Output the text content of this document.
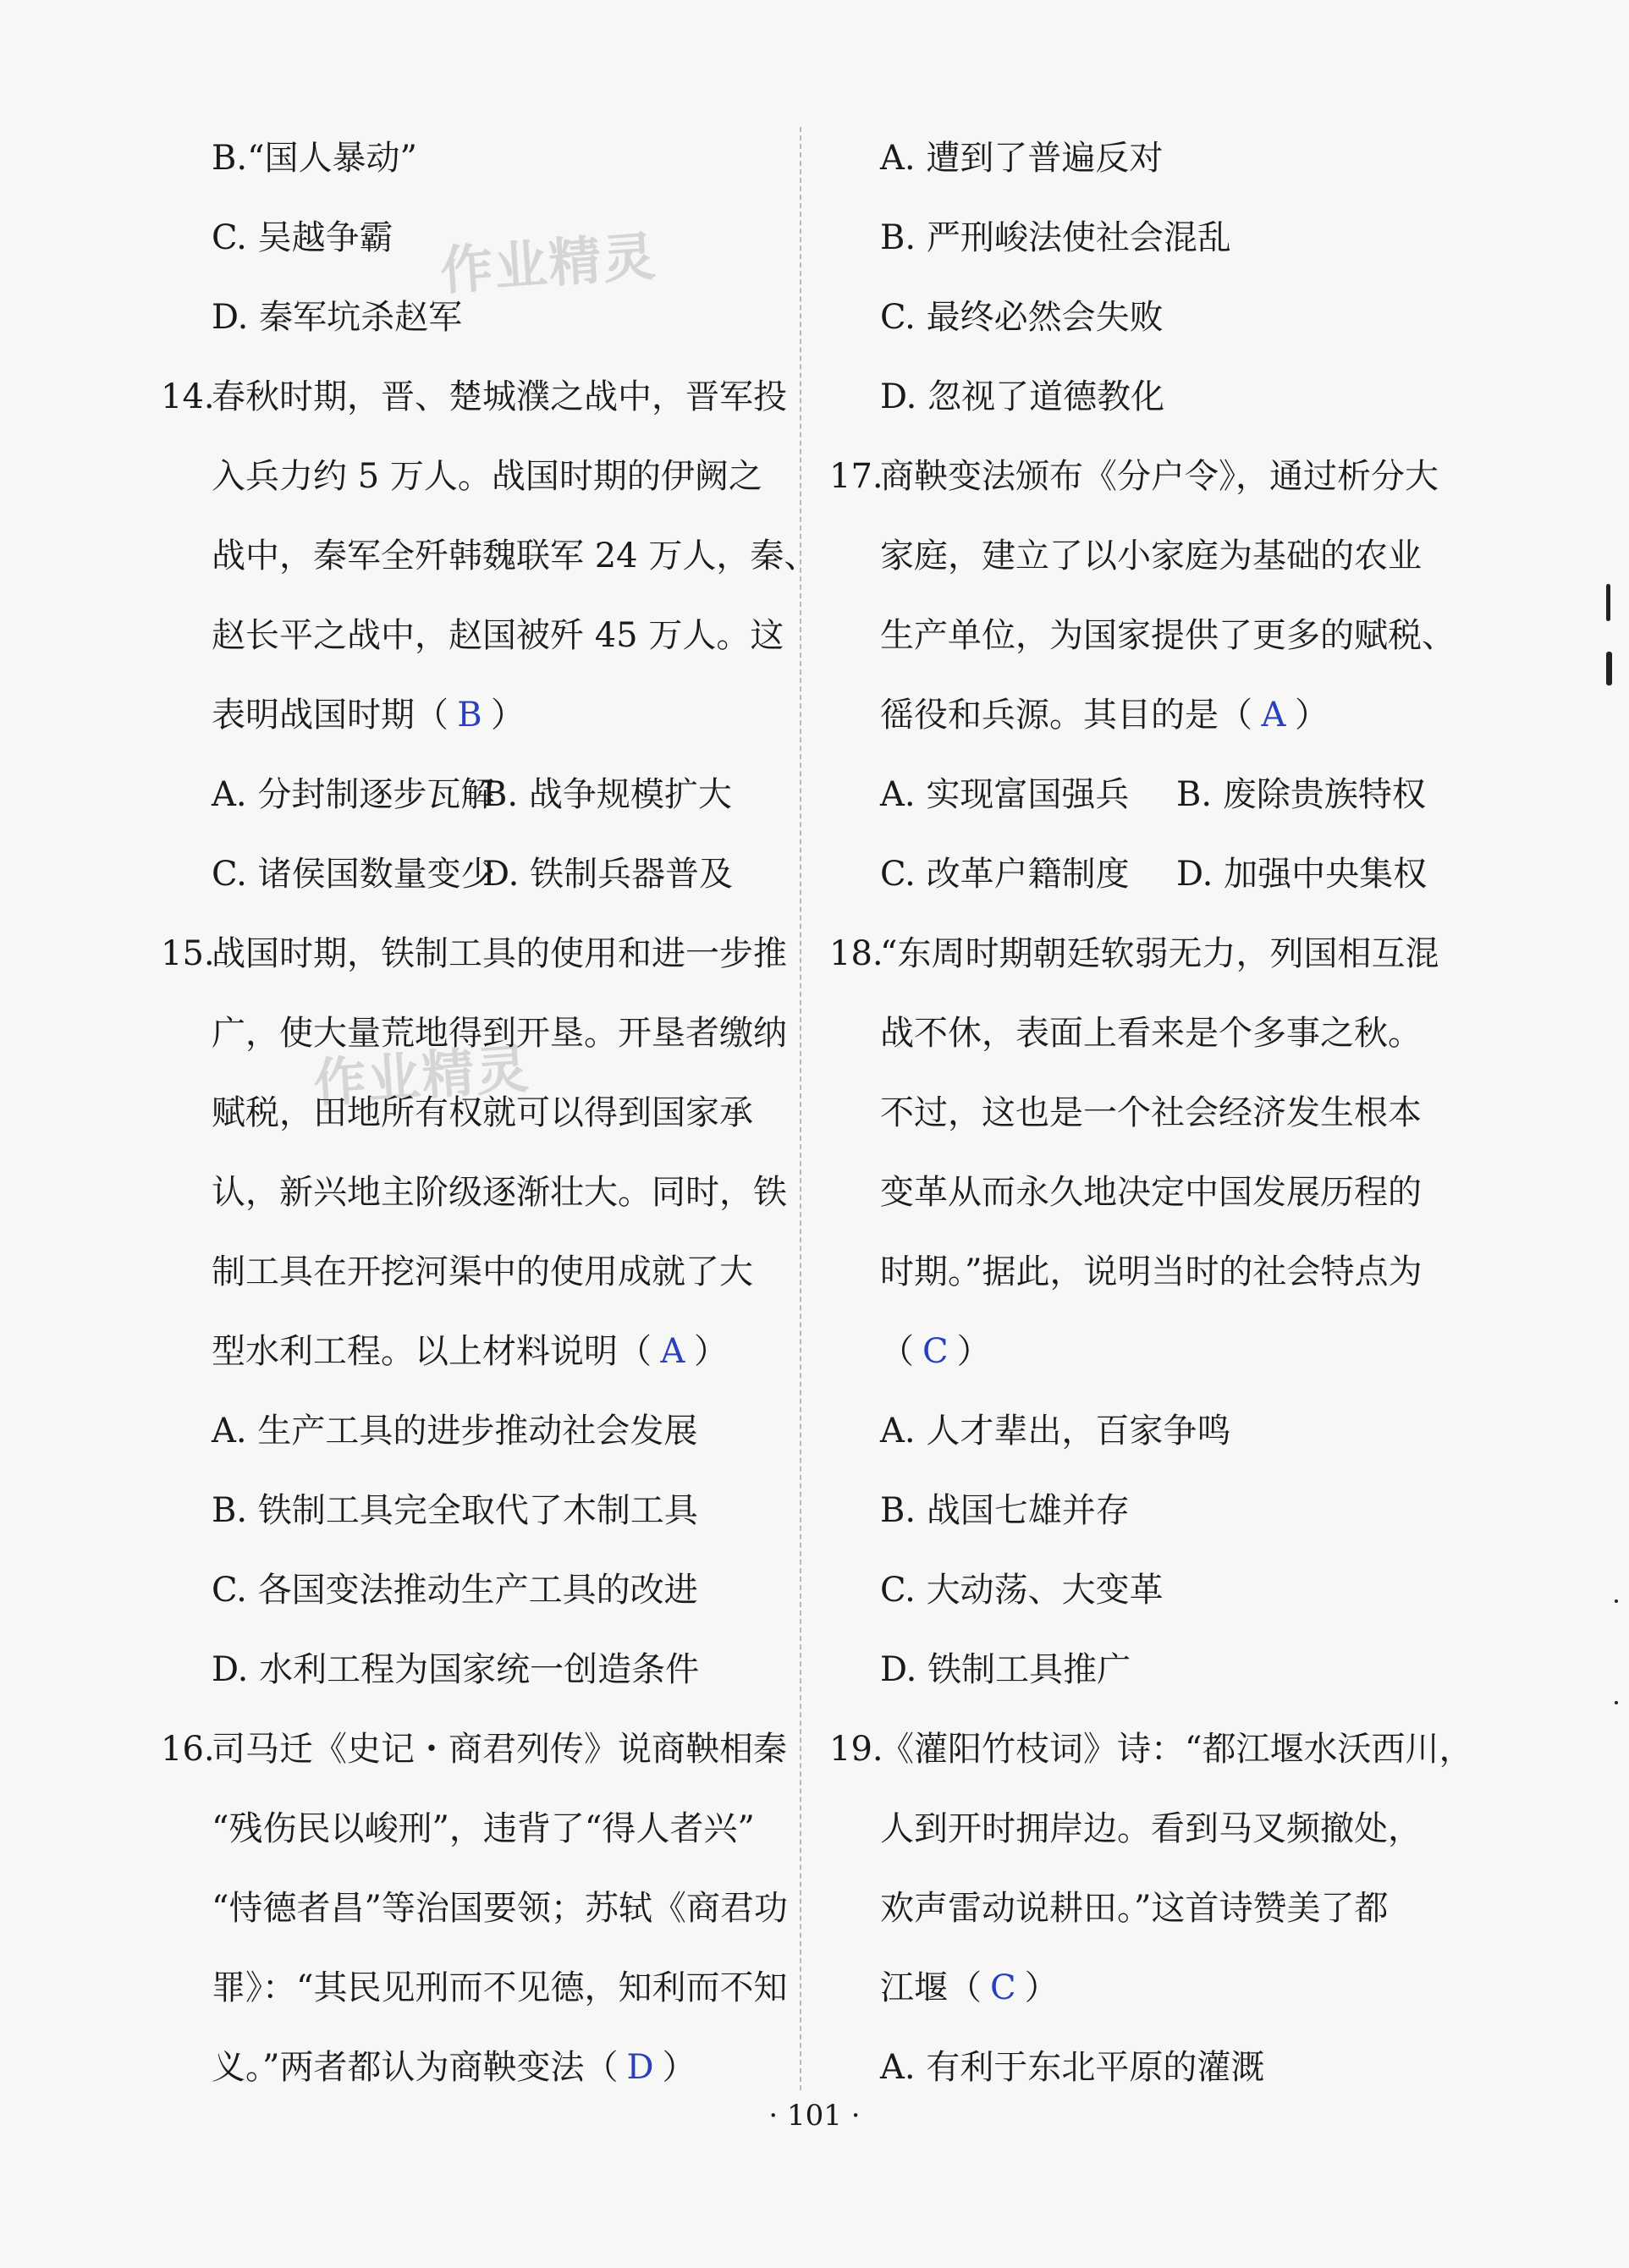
作业精灵
作业精灵
B.“国人暴动”
C. 吴越争霸
D. 秦军坑杀赵军
14.春秋时期，晋、楚城濮之战中，晋军投
入兵力约 5 万人。战国时期的伊阙之
战中，秦军全歼韩魏联军 24 万人，秦、
赵长平之战中，赵国被歼 45 万人。这
表明战国时期（ B ）
A. 分封制逐步瓦解B. 战争规模扩大
C. 诸侯国数量变少D. 铁制兵器普及
15.战国时期，铁制工具的使用和进一步推
广，使大量荒地得到开垦。开垦者缴纳
赋税，田地所有权就可以得到国家承
认，新兴地主阶级逐渐壮大。同时，铁
制工具在开挖河渠中的使用成就了大
型水利工程。以上材料说明（ A ）
A. 生产工具的进步推动社会发展
B. 铁制工具完全取代了木制工具
C. 各国变法推动生产工具的改进
D. 水利工程为国家统一创造条件
16.司马迁《史记・商君列传》说商鞅相秦
“残伤民以峻刑”，违背了“得人者兴”
“恃德者昌”等治国要领；苏轼《商君功
罪》：“其民见刑而不见德，知利而不知
义。”两者都认为商鞅变法（ D ）
A. 遭到了普遍反对
B. 严刑峻法使社会混乱
C. 最终必然会失败
D. 忽视了道德教化
17.商鞅变法颁布《分户令》，通过析分大
家庭，建立了以小家庭为基础的农业
生产单位，为国家提供了更多的赋税、
徭役和兵源。其目的是（ A ）
A. 实现富国强兵 B. 废除贵族特权
C. 改革户籍制度 D. 加强中央集权
18.“东周时期朝廷软弱无力，列国相互混
战不休，表面上看来是个多事之秋。
不过，这也是一个社会经济发生根本
变革从而永久地决定中国发展历程的
时期。”据此，说明当时的社会特点为
（ C ）
A. 人才辈出，百家争鸣
B. 战国七雄并存
C. 大动荡、大变革
D. 铁制工具推广
19.《灌阳竹枝词》诗：“都江堰水沃西川，
人到开时拥岸边。看到马叉频撤处，
欢声雷动说耕田。”这首诗赞美了都
江堰（ C ）
A. 有利于东北平原的灌溉
· 101 ·
